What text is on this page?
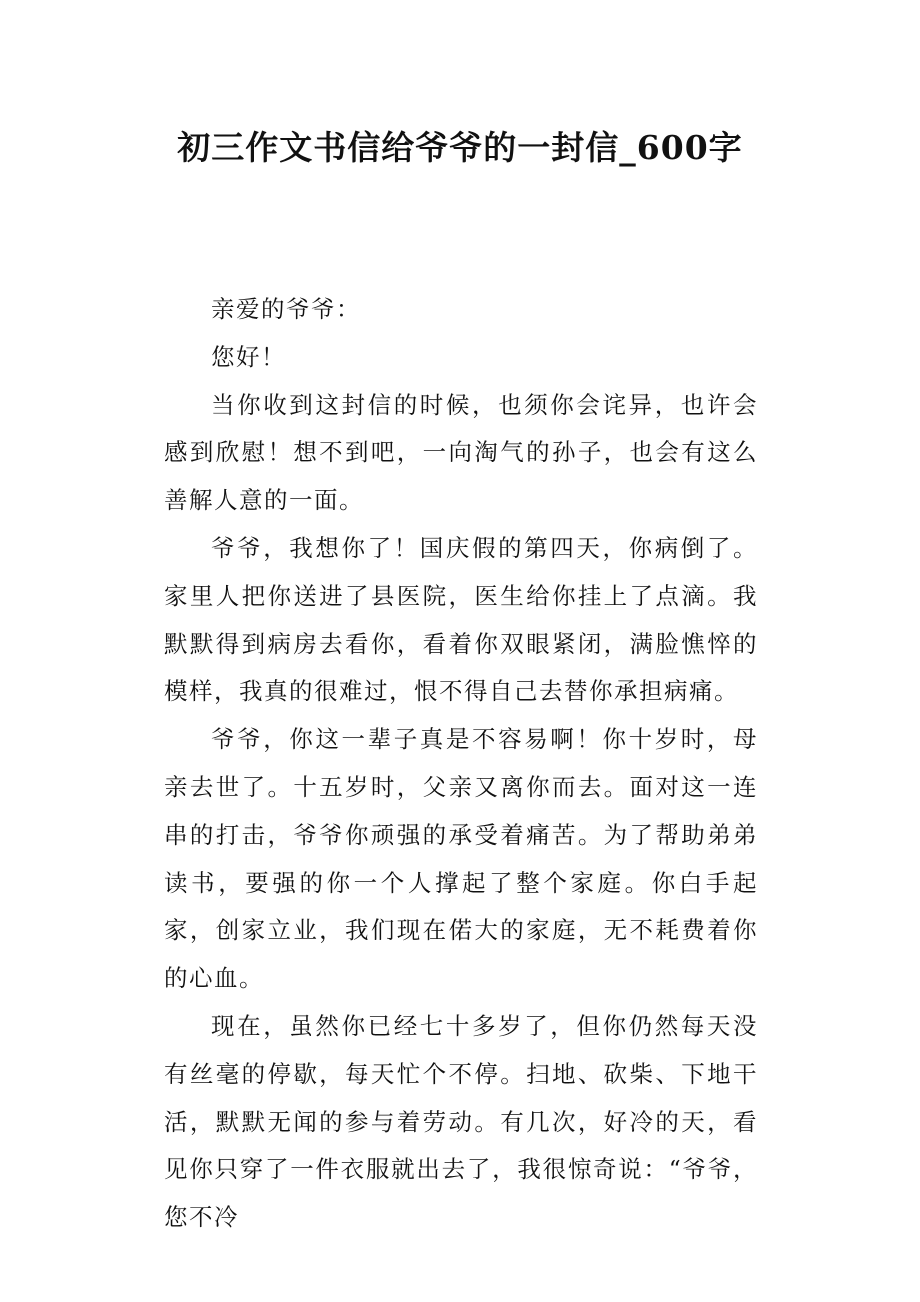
初三作文书信给爷爷的一封信_600字

亲爱的爷爷：

您好！

当你收到这封信的时候，也须你会诧异，也许会感到欣慰！想不到吧，一向淘气的孙子，也会有这么善解人意的一面。

爷爷，我想你了！国庆假的第四天，你病倒了。家里人把你送进了县医院，医生给你挂上了点滴。我默默得到病房去看你，看着你双眼紧闭，满脸憔悴的模样，我真的很难过，恨不得自己去替你承担病痛。

爷爷，你这一辈子真是不容易啊！你十岁时，母亲去世了。十五岁时，父亲又离你而去。面对这一连串的打击，爷爷你顽强的承受着痛苦。为了帮助弟弟读书，要强的你一个人撑起了整个家庭。你白手起家，创家立业，我们现在偌大的家庭，无不耗费着你的心血。

现在，虽然你已经七十多岁了，但你仍然每天没有丝毫的停歇，每天忙个不停。扫地、砍柴、下地干活，默默无闻的参与着劳动。有几次，好冷的天，看见你只穿了一件衣服就出去了，我很惊奇说：“爷爷，您不冷
